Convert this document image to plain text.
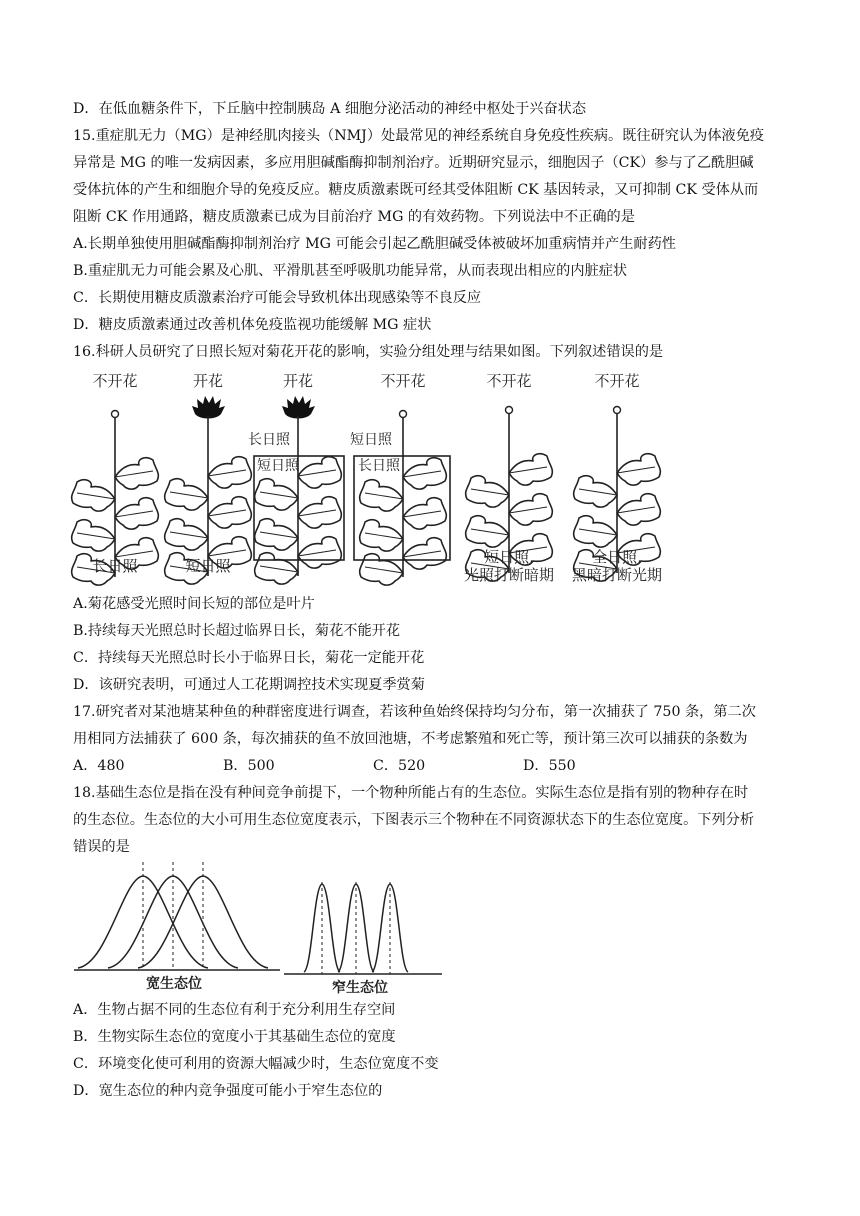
D．在低血糖条件下，下丘脑中控制胰岛 A 细胞分泌活动的神经中枢处于兴奋状态
15.重症肌无力（MG）是神经肌肉接头（NMJ）处最常见的神经系统自身免疫性疾病。既往研究认为体液免疫
异常是 MG 的唯一发病因素，多应用胆碱酯酶抑制剂治疗。近期研究显示，细胞因子（CK）参与了乙酰胆碱
受体抗体的产生和细胞介导的免疫反应。糖皮质激素既可经其受体阻断 CK 基因转录，又可抑制 CK 受体从而
阻断 CK 作用通路，糖皮质激素已成为目前治疗 MG 的有效药物。下列说法中不正确的是
A.长期单独使用胆碱酯酶抑制剂治疗 MG 可能会引起乙酰胆碱受体被破坏加重病情并产生耐药性
B.重症肌无力可能会累及心肌、平滑肌甚至呼吸肌功能异常，从而表现出相应的内脏症状
C．长期使用糖皮质激素治疗可能会导致机体出现感染等不良反应
D．糖皮质激素通过改善机体免疫监视功能缓解 MG 症状
16.科研人员研究了日照长短对菊花开花的影响，实验分组处理与结果如图。下列叙述错误的是
不开花	开花	开花	不开花	不开花	不开花
长日照
短日照
短日照
长日照
长日照	短日照	短日照,
光照打断暗期
全日照,
黑暗打断光期
A.菊花感受光照时间长短的部位是叶片
B.持续每天光照总时长超过临界日长，菊花不能开花
C．持续每天光照总时长小于临界日长，菊花一定能开花
D．该研究表明，可通过人工花期调控技术实现夏季赏菊
17.研究者对某池塘某种鱼的种群密度进行调查，若该种鱼始终保持均匀分布，第一次捕获了 750 条，第二次
用相同方法捕获了 600 条，每次捕获的鱼不放回池塘，不考虑繁殖和死亡等，预计第三次可以捕获的条数为
A．480	B．500	C．520	D．550
18.基础生态位是指在没有种间竞争前提下，一个物种所能占有的生态位。实际生态位是指有别的物种存在时
的生态位。生态位的大小可用生态位宽度表示，下图表示三个物种在不同资源状态下的生态位宽度。下列分析
错误的是
宽生态位	窄生态位
A．生物占据不同的生态位有利于充分利用生存空间
B．生物实际生态位的宽度小于其基础生态位的宽度
C．环境变化使可利用的资源大幅减少时，生态位宽度不变
D．宽生态位的种内竞争强度可能小于窄生态位的
